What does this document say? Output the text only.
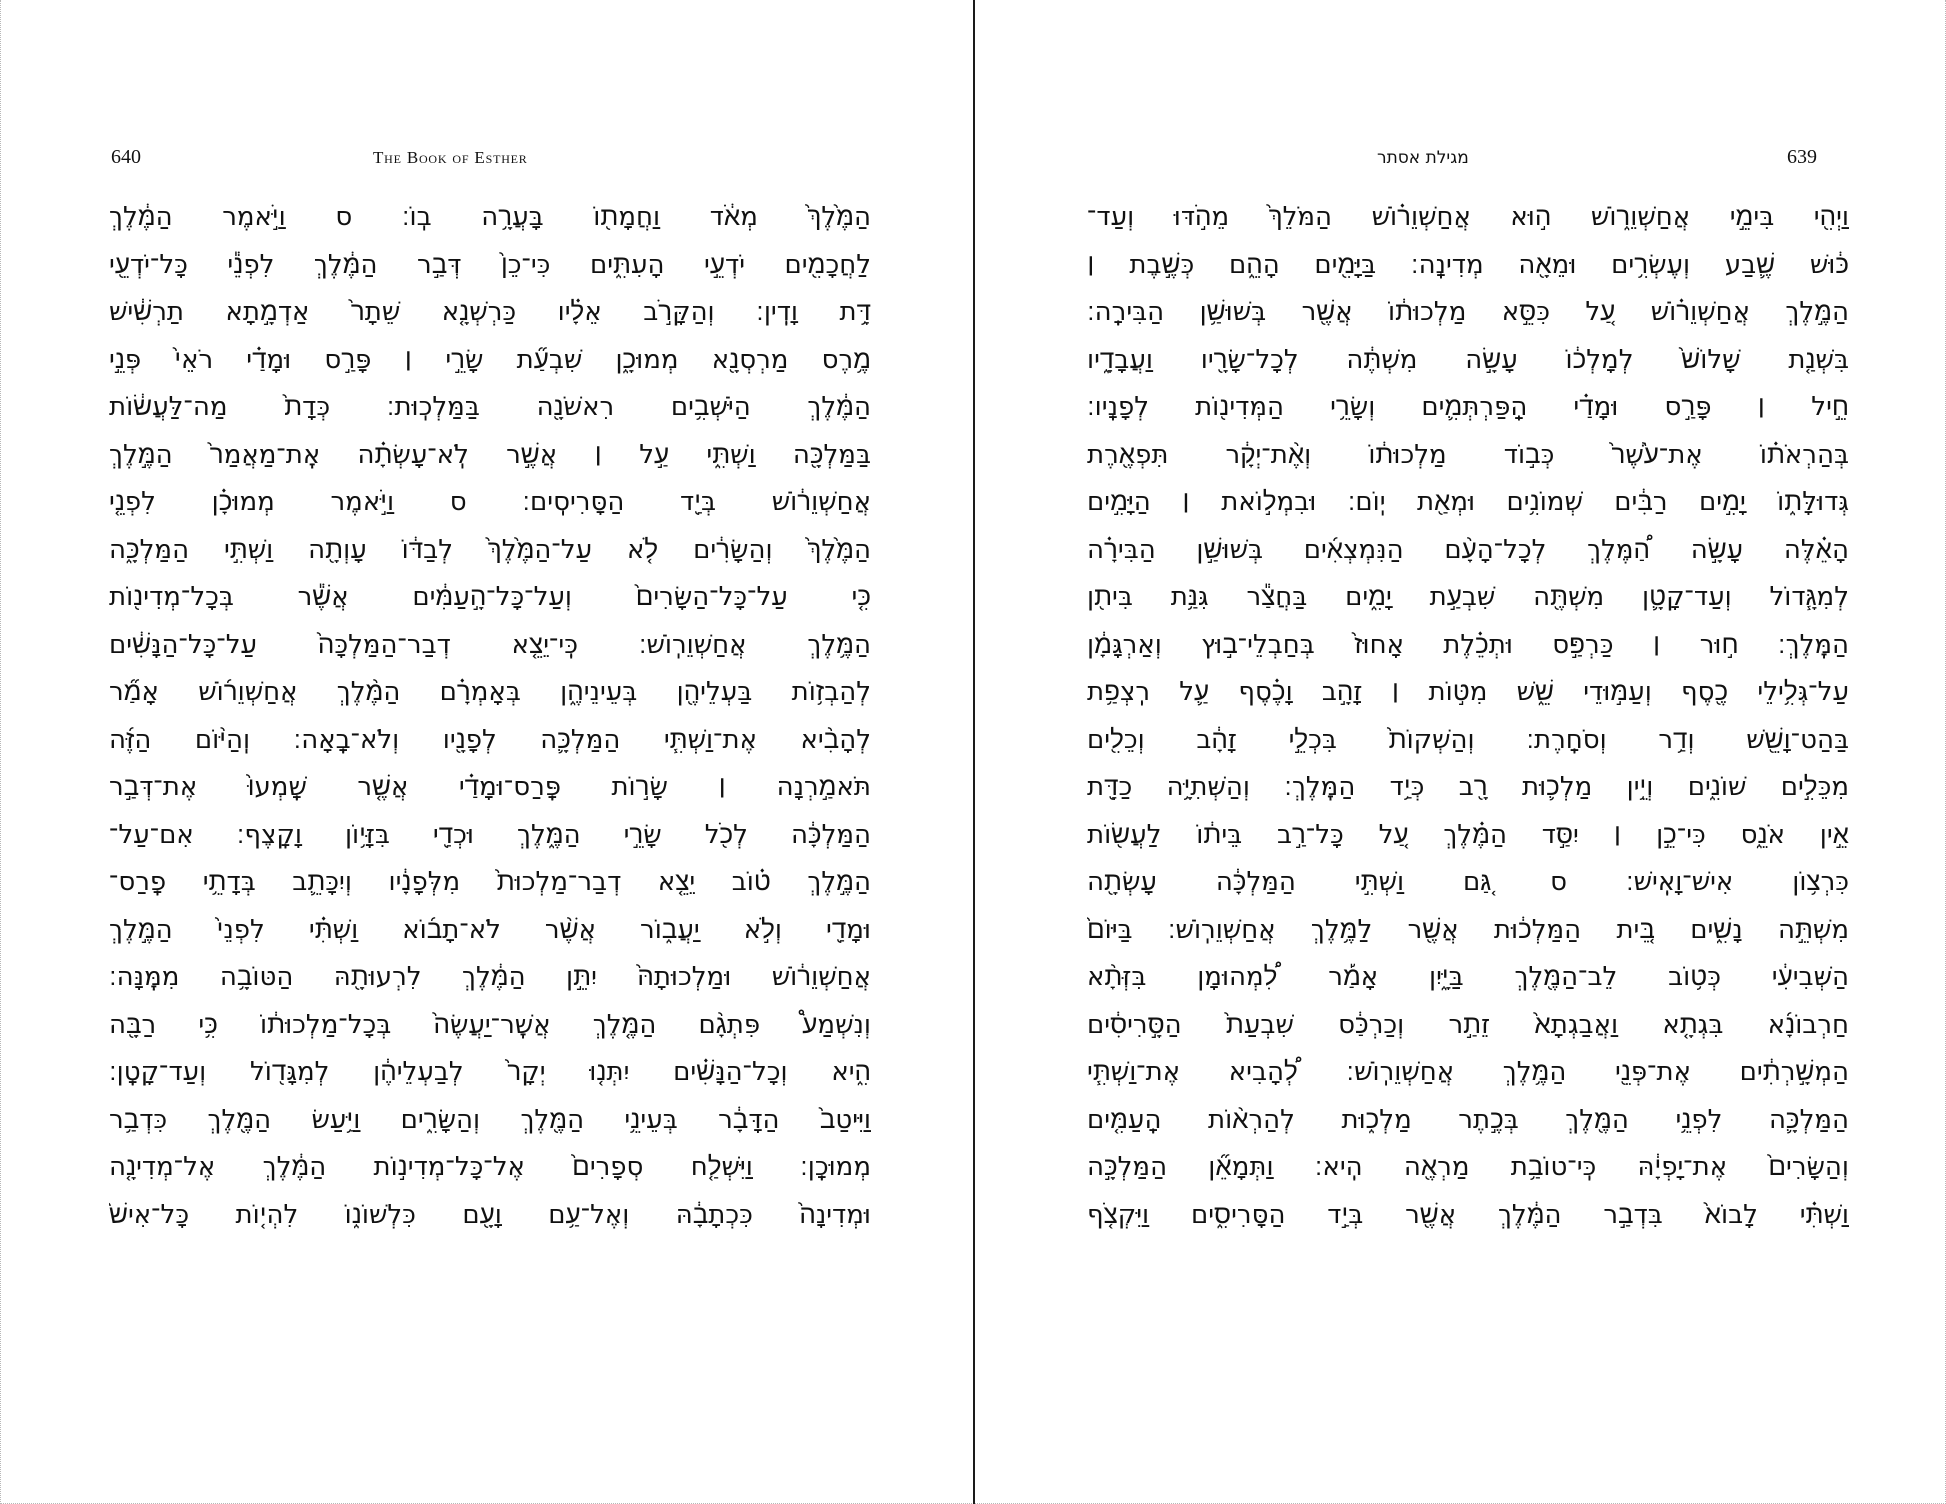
640	The Book of Esther
הַמֶּ֙לֶךְ֙ מְאֹ֔ד וַחֲמָת֖וֹ בָּעֲרָ֥ה בֽוֹ׃ ס וַיֹּ֣אמֶר הַמֶּ֔לֶךְ
לַחֲכָמִ֖ים יֹדְעֵ֣י הָעִתִּ֑ים כִּי־כֵן֙ דְּבַ֣ר הַמֶּ֔לֶךְ לִפְנֵ֕י כָּל־יֹדְעֵ֖י
דָּ֥ת וָדִֽין׃ וְהַקָּרֹ֣ב אֵלָ֗יו כַּרְשְׁנָ֤א שֵׁתָר֙ אַדְמָ֣תָא תַרְשִׁ֔ישׁ
מֶ֥רֶס מַרְסְנָ֖א מְמוּכָ֑ן שִׁבְעַ֞ת שָׂרֵ֣י ׀ פָּרַ֣ס וּמָדַ֗י רֹאֵי֙ פְּנֵ֣י
הַמֶּ֔לֶךְ הַיֹּשְׁבִ֥ים רִאשֹׁנָ֖ה בַּמַּלְכֽוּת׃ כְּדָת֙ מַה־לַּעֲשׂ֔וֹת
בַּמַּלְכָּ֖ה וַשְׁתִּ֑י עַ֣ל ׀ אֲשֶׁ֣ר לֹֽא־עָשְׂתָ֗ה אֶֽת־מַאֲמַר֙ הַמֶּ֣לֶךְ
אֲחַשְׁוֵר֔וֹשׁ בְּיַ֖ד הַסָּרִיסִֽים׃ ס וַיֹּ֣אמֶר מְמוּכָ֗ן לִפְנֵ֤י
הַמֶּ֙לֶךְ֙ וְהַשָּׂרִ֔ים לֹ֤א עַל־הַמֶּ֙לֶךְ֙ לְבַדּ֔וֹ עָוְתָ֖ה וַשְׁתִּ֣י הַמַּלְכָּ֑ה
כִּ֤י עַל־כָּל־הַשָּׂרִים֙ וְעַל־כָּל־הָ֣עַמִּ֔ים אֲשֶׁ֕ר בְּכָל־מְדִינ֖וֹת
הַמֶּ֥לֶךְ אֲחַשְׁוֵרֽוֹשׁ׃ כִּֽי־יֵצֵ֤א דְבַר־הַמַּלְכָּה֙ עַל־כָּל־הַנָּשִׁ֔ים
לְהַבְז֥וֹת בַּעְלֵיהֶ֖ן בְּעֵינֵיהֶ֑ן בְּאָמְרָ֗ם הַמֶּ֨לֶךְ אֲחַשְׁוֵר֜וֹשׁ אָמַ֞ר
לְהָבִ֨יא אֶת־וַשְׁתִּ֧י הַמַּלְכָּ֛ה לְפָנָ֖יו וְלֹא־בָֽאָה׃ וְֽהַיּ֨וֹם הַזֶּ֜ה
תֹּאמַ֣רְנָה ׀ שָׂר֣וֹת פָּֽרַס־וּמָדַ֗י אֲשֶׁ֤ר שָֽׁמְעוּ֙ אֶת־דְּבַ֣ר
הַמַּלְכָּ֔ה לְכֹ֖ל שָׂרֵ֣י הַמֶּ֑לֶךְ וּכְדַ֖י בִּזָּי֥וֹן וָקָֽצֶף׃ אִם־עַל־
הַמֶּ֣לֶךְ ט֗וֹב יֵצֵ֤א דְבַר־מַלְכוּת֙ מִלְּפָנָ֔יו וְיִכָּתֵ֛ב בְּדָתֵ֥י פָֽרַס־
וּמָדַ֖י וְלֹ֣א יַעֲב֑וֹר אֲשֶׁ֨ר לֹא־תָב֜וֹא וַשְׁתִּ֗י לִפְנֵי֙ הַמֶּ֣לֶךְ
אֲחַשְׁוֵר֔וֹשׁ וּמַלְכוּתָהּ֙ יִתֵּ֣ן הַמֶּ֔לֶךְ לִרְעוּתָ֖הּ הַטּוֹבָ֥ה מִמֶּֽנָּה׃
וְנִשְׁמַע֩ פִּתְגָ֨ם הַמֶּ֤לֶךְ אֲשֶֽׁר־יַעֲשֶׂה֙ בְּכָל־מַלְכוּת֔וֹ כִּ֥י רַבָּ֖ה
הִ֑יא וְכָל־הַנָּשִׁ֗ים יִתְּנ֤וּ יְקָר֙ לְבַעְלֵיהֶ֔ן לְמִגָּד֖וֹל וְעַד־קָטָֽן׃
וַיִּיטַב֙ הַדָּבָ֔ר בְּעֵינֵ֥י הַמֶּ֖לֶךְ וְהַשָּׂרִ֑ים וַיַּ֥עַשׂ הַמֶּ֖לֶךְ כִּדְבַ֥ר
מְמוּכָֽן׃ וַיִּשְׁלַ֤ח סְפָרִים֙ אֶל־כָּל־מְדִינ֣וֹת הַמֶּ֔לֶךְ אֶל־מְדִינָ֤ה
וּמְדִינָה֙ כִּכְתָבָ֔הּ וְאֶל־עַ֥ם וָעָ֖ם כִּלְשׁוֹנ֑וֹ לִהְי֤וֹת כָּל־אִישׁ֙
מגילת אסתר	639
וַיְהִ֖י בִּימֵ֣י אֲחַשְׁוֵר֑וֹשׁ ה֣וּא אֲחַשְׁוֵר֗וֹשׁ הַמֹּלֵךְ֙ מֵהֹ֣דּוּ וְעַד־
כּ֔וּשׁ שֶׁ֛בַע וְעֶשְׂרִ֥ים וּמֵאָ֖ה מְדִינָֽה׃ בַּיָּמִ֖ים הָהֵ֑ם כְּשֶׁ֣בֶת ׀
הַמֶּ֣לֶךְ אֲחַשְׁוֵר֗וֹשׁ עַ֚ל כִּסֵּ֣א מַלְכוּת֔וֹ אֲשֶׁ֖ר בְּשׁוּשַׁ֥ן הַבִּירָֽה׃
בִּשְׁנַ֤ת שָׁלוֹשׁ֙ לְמָלְכ֔וֹ עָשָׂ֣ה מִשְׁתֶּ֔ה לְכָל־שָׂרָ֖יו וַעֲבָדָ֑יו
חֵ֣יל ׀ פָּרַ֣ס וּמָדַ֗י הַֽפַּרְתְּמִ֛ים וְשָׂרֵ֥י הַמְּדִינ֖וֹת לְפָנָֽיו׃
בְּהַרְאֹת֗וֹ אֶת־עֹ֙שֶׁר֙ כְּב֣וֹד מַלְכוּת֔וֹ וְאֶ֨ת־יְקָ֔ר תִּפְאֶ֖רֶת
גְּדוּלָּת֑וֹ יָמִ֣ים רַבִּ֔ים שְׁמוֹנִ֥ים וּמְאַ֖ת יֽוֹם׃ וּבִמְל֣וֹאת ׀ הַיָּמִ֣ים
הָאֵ֗לֶּה עָשָׂ֣ה הַ֠מֶּלֶךְ לְכָל־הָעָ֨ם הַנִּמְצְאִ֜ים בְּשׁוּשַׁ֣ן הַבִּירָ֗ה
לְמִגָּ֧דוֹל וְעַד־קָטָ֛ן מִשְׁתֶּ֖ה שִׁבְעַ֣ת יָמִ֑ים בַּחֲצַ֕ר גִּנַּ֥ת בִּית֖ן
הַמֶּֽלֶךְ׃ ח֣וּר ׀ כַּרְפַּ֣ס וּתְכֵ֗לֶת אָחוּז֙ בְּחַבְלֵי־ב֣וּץ וְאַרְגָּמָ֔ן
עַל־גְּלִ֥ילֵי כֶ֖סֶף וְעַמּ֣וּדֵי שֵׁ֑שׁ מִטּ֣וֹת ׀ זָהָ֣ב וָכֶ֗סֶף עַ֛ל רִֽצְפַ֥ת
בַּהַט־וָשֵׁ֖שׁ וְדַ֥ר וְסֹחָֽרֶת׃ וְהַשְׁקוֹת֙ בִּכְלֵ֣י זָהָ֔ב וְכֵלִ֖ים
מִכֵּלִ֣ים שׁוֹנִ֑ים וְיֵ֥ין מַלְכ֛וּת רָ֖ב כְּיַ֥ד הַמֶּֽלֶךְ׃ וְהַשְּׁתִיָּ֥ה כַדָּ֖ת
אֵ֣ין אֹנֵ֑ס כִּי־כֵ֣ן ׀ יִסַּ֣ד הַמֶּ֗לֶךְ עַ֚ל כָּל־רַ֣ב בֵּית֔וֹ לַעֲשׂ֖וֹת
כִּרְצ֥וֹן אִישׁ־וָאִֽישׁ׃ ס גַּ֚ם וַשְׁתִּ֣י הַמַּלְכָּ֔ה עָשְׂתָ֖ה
מִשְׁתֵּ֣ה נָשִׁ֑ים בֵּ֚ית הַמַּלְכ֔וּת אֲשֶׁ֖ר לַמֶּ֥לֶךְ אֲחַשְׁוֵרֽוֹשׁ׃ בַּיּוֹם֙
הַשְּׁבִיעִ֔י כְּט֥וֹב לֵב־הַמֶּ֖לֶךְ בַּיָּ֑יִן אָמַ֡ר לִ֠מְהוּמָן בִּזְּתָ֨א
חַרְבוֹנָ֜א בִּגְתָ֤א וַאֲבַגְתָא֙ זֵתַ֣ר וְכַרְכַּ֔ס שִׁבְעַת֙ הַסָּ֣רִיסִ֔ים
הַמְשָׁ֣רְתִ֔ים אֶת־פְּנֵ֖י הַמֶּ֥לֶךְ אֲחַשְׁוֵרֽוֹשׁ׃ לְ֠הָבִיא אֶת־וַשְׁתִּ֧י
הַמַּלְכָּ֛ה לִפְנֵ֥י הַמֶּ֖לֶךְ בְּכֶ֣תֶר מַלְכ֑וּת לְהַרְא֨וֹת הָֽעַמִּ֤ים
וְהַשָּׂרִים֙ אֶת־יָפְיָ֔הּ כִּֽי־טוֹבַ֥ת מַרְאֶ֖ה הִֽיא׃ וַתְּמָאֵ֞ן הַמַּלְכָּ֣ה
וַשְׁתִּ֗י לָבוֹא֙ בִּדְבַ֣ר הַמֶּ֔לֶךְ אֲשֶׁ֖ר בְּיַ֣ד הַסָּרִיסִ֑ים וַיִּקְצֹ֤ף
